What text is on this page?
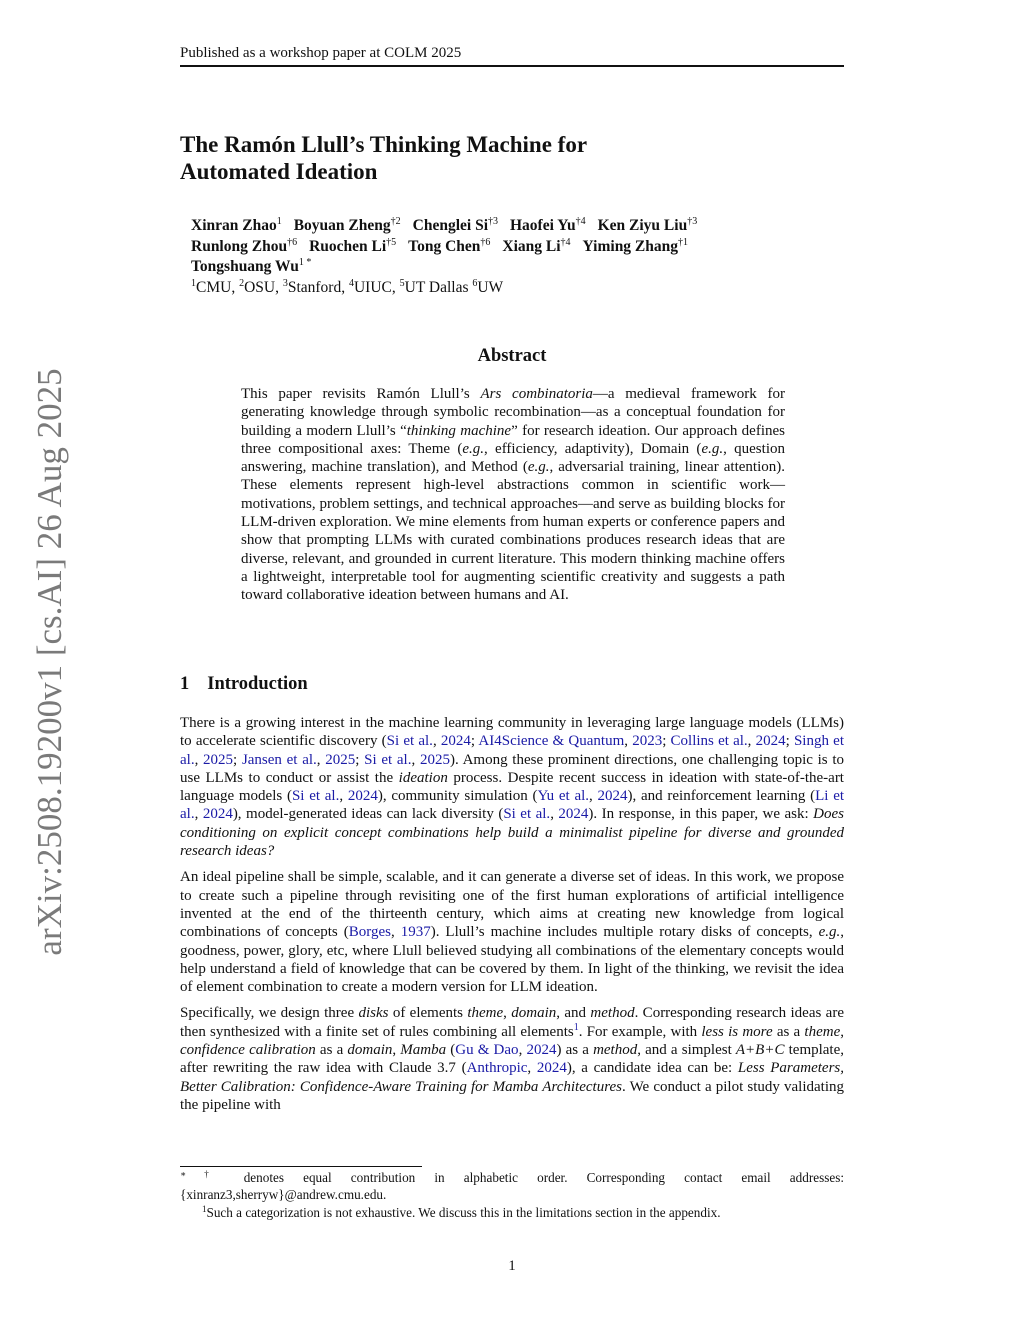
Published as a workshop paper at COLM 2025
The Ramón Llull’s Thinking Machine for
Automated Ideation
Xinran Zhao$^1$ Boyuan Zheng$^{\dagger 2}$ Chenglei Si$^{\dagger 3}$ Haofei Yu$^{\dagger 4}$ Ken Ziyu Liu$^{\dagger 3}$
Runlong Zhou$^{\dagger 6}$ Ruochen Li$^{\dagger 5}$ Tong Chen$^{\dagger 6}$ Xiang Li$^{\dagger 4}$ Yiming Zhang$^{\dagger 1}$
Tongshuang $Wu^{1 *}$
$^1$CMU, $^2$OSU, $^3$Stanford, $^4$UIUC, $^5$UT Dallas $^6$UW
Abstract
This paper revisits Ramón Llull’s Ars combinatoria—a medieval framework for generating knowledge through symbolic recombination—as a conceptual foundation for building a modern Llull’s “thinking machine” for research ideation. Our approach defines three compositional axes: Theme (e.g., efficiency, adaptivity), Domain (e.g., question answering, machine translation), and Method (e.g., adversarial training, linear attention). These elements represent high-level abstractions common in scientific work—motivations, problem settings, and technical approaches—and serve as building blocks for LLM-driven exploration. We mine elements from human experts or conference papers and show that prompting LLMs with curated combinations produces research ideas that are diverse, relevant, and grounded in current literature. This modern thinking machine offers a lightweight, interpretable tool for augmenting scientific creativity and suggests a path toward collaborative ideation between humans and AI.
1 Introduction

There is a growing interest in the machine learning community in leveraging large language models (LLMs) to accelerate scientific discovery (Si et al., 2024; AI4Science & Quantum, 2023; Collins et al., 2024; Singh et al., 2025; Jansen et al., 2025; Si et al., 2025). Among these prominent directions, one challenging topic is to use LLMs to conduct or assist the ideation process. Despite recent success in ideation with state-of-the-art language models (Si et al., 2024), community simulation (Yu et al., 2024), and reinforcement learning (Li et al., 2024), model-generated ideas can lack diversity (Si et al., 2024). In response, in this paper, we ask: Does conditioning on explicit concept combinations help build a minimalist pipeline for diverse and grounded research ideas?

An ideal pipeline shall be simple, scalable, and it can generate a diverse set of ideas. In this work, we propose to create such a pipeline through revisiting one of the first human explorations of artificial intelligence invented at the end of the thirteenth century, which aims at creating new knowledge from logical combinations of concepts (Borges, 1937). Llull’s machine includes multiple rotary disks of concepts, e.g., goodness, power, glory, etc, where Llull believed studying all combinations of the elementary concepts would help understand a field of knowledge that can be covered by them. In light of the thinking, we revisit the idea of element combination to create a modern version for LLM ideation.

Specifically, we design three disks of elements theme, domain, and method. Corresponding research ideas are then synthesized with a finite set of rules combining all elements$^1$. For example, with less is more as a theme, confidence calibration as a domain, Mamba (Gu & Dao, 2024) as a method, and a simplest A+B+C template, after rewriting the raw idea with Claude 3.7 (Anthropic, 2024), a candidate idea can be: Less Parameters, Better Calibration: Confidence-Aware Training for Mamba Architectures. We conduct a pilot study validating the pipeline with

∗ † denotes equal contribution in alphabetic order. Corresponding contact email addresses: {xinranz3,sherryw}@andrew.cmu.edu.

$^1$Such a categorization is not exhaustive. We discuss this in the limitations section in the appendix.

1
arXiv:2508.19200v1 [cs.AI] 26 Aug 2025
